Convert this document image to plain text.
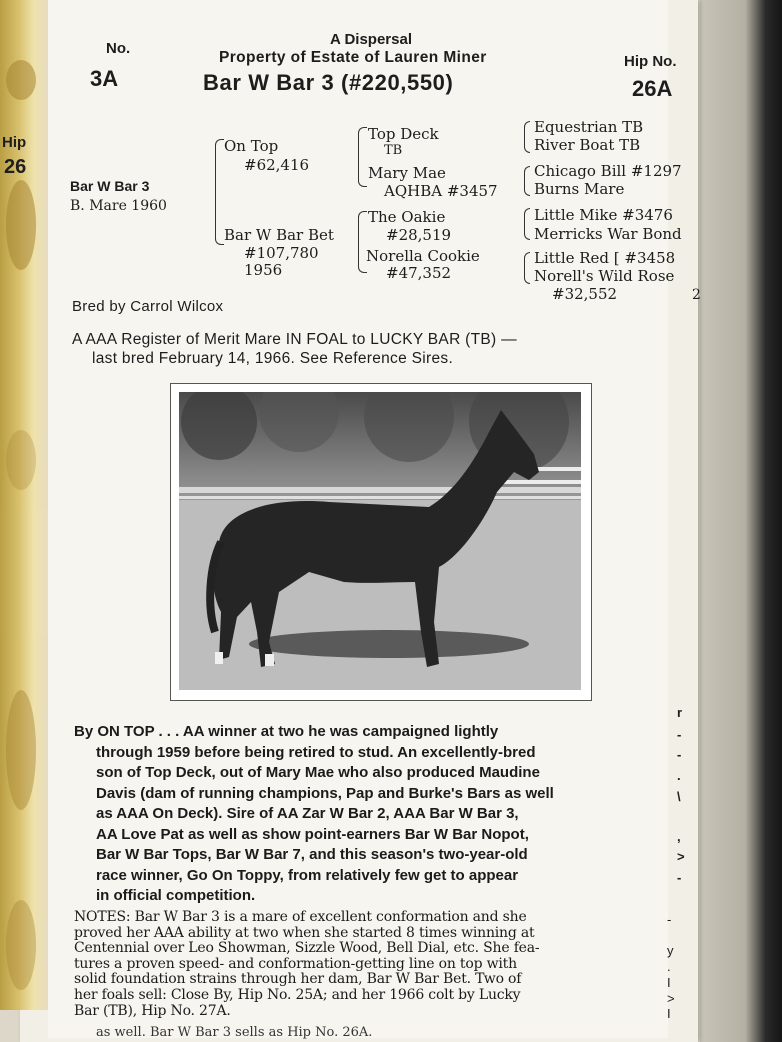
Hip
26
No.
3A
A Dispersal
Property of Estate of Lauren Miner
Bar W Bar 3 (#220,550)
Hip No.
26A
Bar W Bar 3
B. Mare 1960
On Top
#62,416
Bar W Bar Bet
#107,780
1956
Top Deck
TB
Mary Mae
AQHBA #3457
The Oakie
#28,519
Norella Cookie
#47,352
Equestrian TB
River Boat TB
Chicago Bill #1297
Burns Mare
Little Mike #3476
Merricks War Bond
Little Red [ #3458
Norell's Wild Rose
#32,552	2
Bred by Carrol Wilcox
A AAA Register of Merit Mare IN FOAL to LUCKY BAR (TB) —
last bred February 14, 1966. See Reference Sires.
By ON TOP . . . AA winner at two he was campaigned lightly
through 1959 before being retired to stud. An excellently-bred
son of Top Deck, out of Mary Mae who also produced Maudine
Davis (dam of running champions, Pap and Burke's Bars as well
as AAA On Deck). Sire of AA Zar W Bar 2, AAA Bar W Bar 3,
AA Love Pat as well as show point-earners Bar W Bar Nopot,
Bar W Bar Tops, Bar W Bar 7, and this season's two-year-old
race winner, Go On Toppy, from relatively few get to appear
in official competition.
NOTES: Bar W Bar 3 is a mare of excellent conformation and she
proved her AAA ability at two when she started 8 times winning at
Centennial over Leo Showman, Sizzle Wood, Bell Dial, etc. She fea-
tures a proven speed- and conformation-getting line on top with
solid foundation strains through her dam, Bar W Bar Bet. Two of
her foals sell: Close By, Hip No. 25A; and her 1966 colt by Lucky
Bar (TB), Hip No. 27A.
as well. Bar W Bar 3 sells as Hip No. 26A.
r
-
-
.
\
,
>
-
-
y
.
I
>
I
